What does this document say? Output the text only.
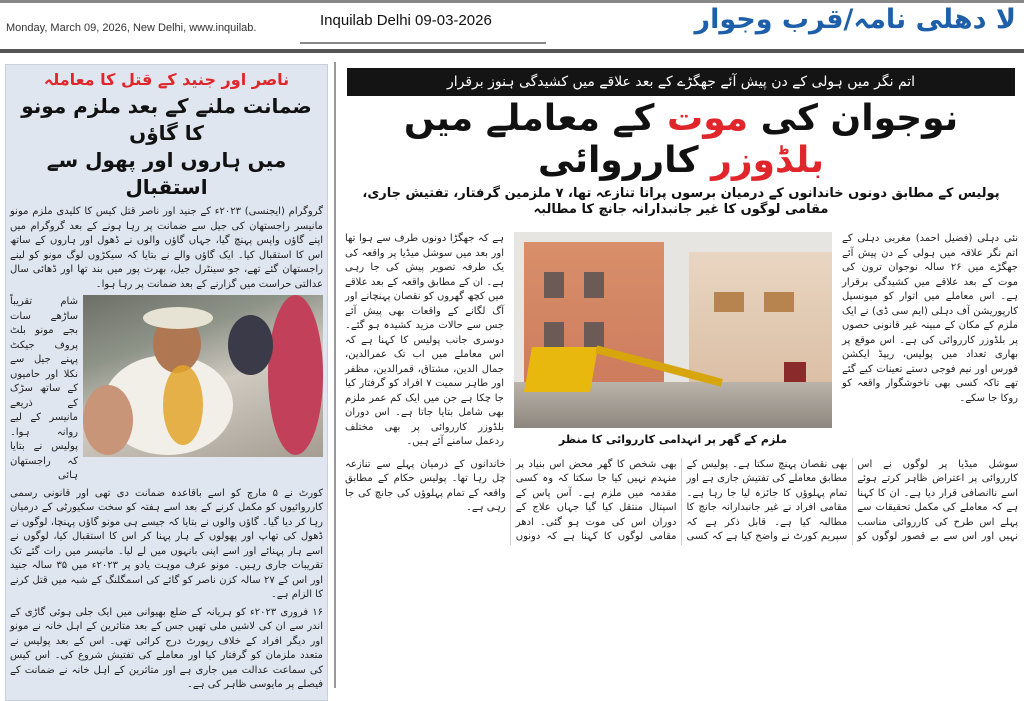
Monday, March 09, 2026, New Delhi, www.inquilab.	Inquilab Delhi 09-03-2026	لا دهلی نامہ/قرب وجوار
ناصر اور جنید کے قتل کا معاملہ
ضمانت ملنے کے بعد ملزم مونو کا گاؤں
میں ہاروں اور پھول سے استقبال

گروگرام (ایجنسی) ۲۰۲۳ء کے جنید اور ناصر قتل کیس کا کلیدی ملزم مونو مانیسر راجستھان کی جیل سے ضمانت پر رہا ہونے کے بعد گروگرام میں اپنے گاؤں واپس پہنچ گیا، جہاں گاؤں والوں نے ڈھول اور ہاروں کے ساتھ اس کا استقبال کیا۔ ایک گاؤں والے نے بتایا کہ سیکڑوں لوگ مونو کو لینے راجستھان گئے تھے، جو سینٹرل جیل، بھرت پور میں بند تھا اور ڈھائی سال عدالتی حراست میں گزارنے کے بعد ضمانت پر رہا ہوا۔

شام تقریباً ساڑھے سات بجے مونو بلٹ پروف جیکٹ پہنے جیل سے نکلا اور حامیوں کے ساتھ سڑک کے ذریعے مانیسر کے لیے روانہ ہوا۔ پولیس نے بتایا کہ راجستھان ہائی

کورٹ نے ۵ مارچ کو اسے باقاعدہ ضمانت دی تھی اور قانونی رسمی کارروائیوں کو مکمل کرنے کے بعد اسے ہفتہ کو سخت سکیورٹی کے درمیان رہا کر دیا گیا۔ گاؤں والوں نے بتایا کہ جیسے ہی مونو گاؤں پہنچا، لوگوں نے ڈھول کی تھاپ اور پھولوں کے ہار پہنا کر اس کا استقبال کیا، لوگوں نے اسے ہار پہنائے اور اسے اپنی بانہوں میں لے لیا۔ مانیسر میں رات گئے تک تقریبات جاری رہیں۔ مونو عرف موہت یادو پر ۲۰۲۳ء میں ۳۵ سالہ جنید اور اس کے ۲۷ سالہ کزن ناصر کو گائے کی اسمگلنگ کے شبہ میں قتل کرنے کا الزام ہے۔

۱۶ فروری ۲۰۲۳ء کو ہریانہ کے ضلع بھیوانی میں ایک جلی ہوئی گاڑی کے اندر سے ان کی لاشیں ملی تھیں جس کے بعد متاثرین کے اہل خانہ نے مونو اور دیگر افراد کے خلاف رپورٹ درج کرائی تھی۔ اس کے بعد پولیس نے متعدد ملزمان کو گرفتار کیا اور معاملے کی تفتیش شروع کی۔ اس کیس کی سماعت عدالت میں جاری ہے اور متاثرین کے اہل خانہ نے ضمانت کے فیصلے پر مایوسی ظاہر کی ہے۔

اتم نگر میں ہولی کے دن پیش آئے جھگڑے کے بعد علاقے میں کشیدگی ہنوز برقرار
نوجوان کی موت کے معاملے میں بلڈوزر کارروائی
پولیس کے مطابق دونوں خاندانوں کے درمیان برسوں پرانا تنازعہ تھا، ۷ ملزمین گرفتار، تفتیش جاری، مقامی لوگوں کا غیر جانبدارانہ جانچ کا مطالبہ
نئی دہلی (فضیل احمد) مغربی دہلی کے اتم نگر علاقہ میں ہولی کے دن پیش آئے جھگڑے میں ۲۶ سالہ نوجوان ترون کی موت کے بعد علاقے میں کشیدگی برقرار ہے۔ اس معاملے میں اتوار کو میونسپل کارپوریشن آف دہلی (ایم سی ڈی) نے ایک ملزم کے مکان کے مبینہ غیر قانونی حصوں پر بلڈوزر کارروائی کی ہے۔ اس موقع پر بھاری تعداد میں پولیس، ریپڈ ایکشن فورس اور نیم فوجی دستے تعینات کیے گئے تھے تاکہ کسی بھی ناخوشگوار واقعہ کو روکا جا سکے۔
ملزم کے گھر پر انہدامی کارروائی کا منظر
ہے کہ جھگڑا دونوں طرف سے ہوا تھا اور بعد میں سوشل میڈیا پر واقعہ کی یک طرفہ تصویر پیش کی جا رہی ہے۔ ان کے مطابق واقعہ کے بعد علاقے میں کچھ گھروں کو نقصان پہنچانے اور آگ لگانے کے واقعات بھی پیش آئے جس سے حالات مزید کشیدہ ہو گئے۔ دوسری جانب پولیس کا کہنا ہے کہ اس معاملے میں اب تک عمرالدین، جمال الدین، مشتاق، قمرالدین، مظفر اور طاہر سمیت ۷ افراد کو گرفتار کیا جا چکا ہے جن میں ایک کم عمر ملزم بھی شامل بتایا جاتا ہے۔ اس دوران بلڈوزر کارروائی پر بھی مختلف ردعمل سامنے آئے ہیں۔
سوشل میڈیا پر لوگوں نے اس کارروائی پر اعتراض ظاہر کرتے ہوئے اسے ناانصافی قرار دیا ہے۔ ان کا کہنا ہے کہ معاملے کی مکمل تحقیقات سے پہلے اس طرح کی کارروائی مناسب نہیں اور اس سے بے قصور لوگوں کو بھی نقصان پہنچ سکتا ہے۔ پولیس کے مطابق معاملے کی تفتیش جاری ہے اور تمام پہلوؤں کا جائزہ لیا جا رہا ہے۔ مقامی افراد نے غیر جانبدارانہ جانچ کا مطالبہ کیا ہے۔ قابل ذکر ہے کہ سپریم کورٹ نے واضح کیا ہے کہ کسی بھی شخص کا گھر محض اس بنیاد پر منہدم نہیں کیا جا سکتا کہ وہ کسی مقدمہ میں ملزم ہے۔ آس پاس کے اسپتال منتقل کیا گیا جہاں علاج کے دوران اس کی موت ہو گئی۔ ادھر مقامی لوگوں کا کہنا ہے کہ دونوں خاندانوں کے درمیان پہلے سے تنازعہ چل رہا تھا۔ پولیس حکام کے مطابق واقعہ کے تمام پہلوؤں کی جانچ کی جا رہی ہے۔
